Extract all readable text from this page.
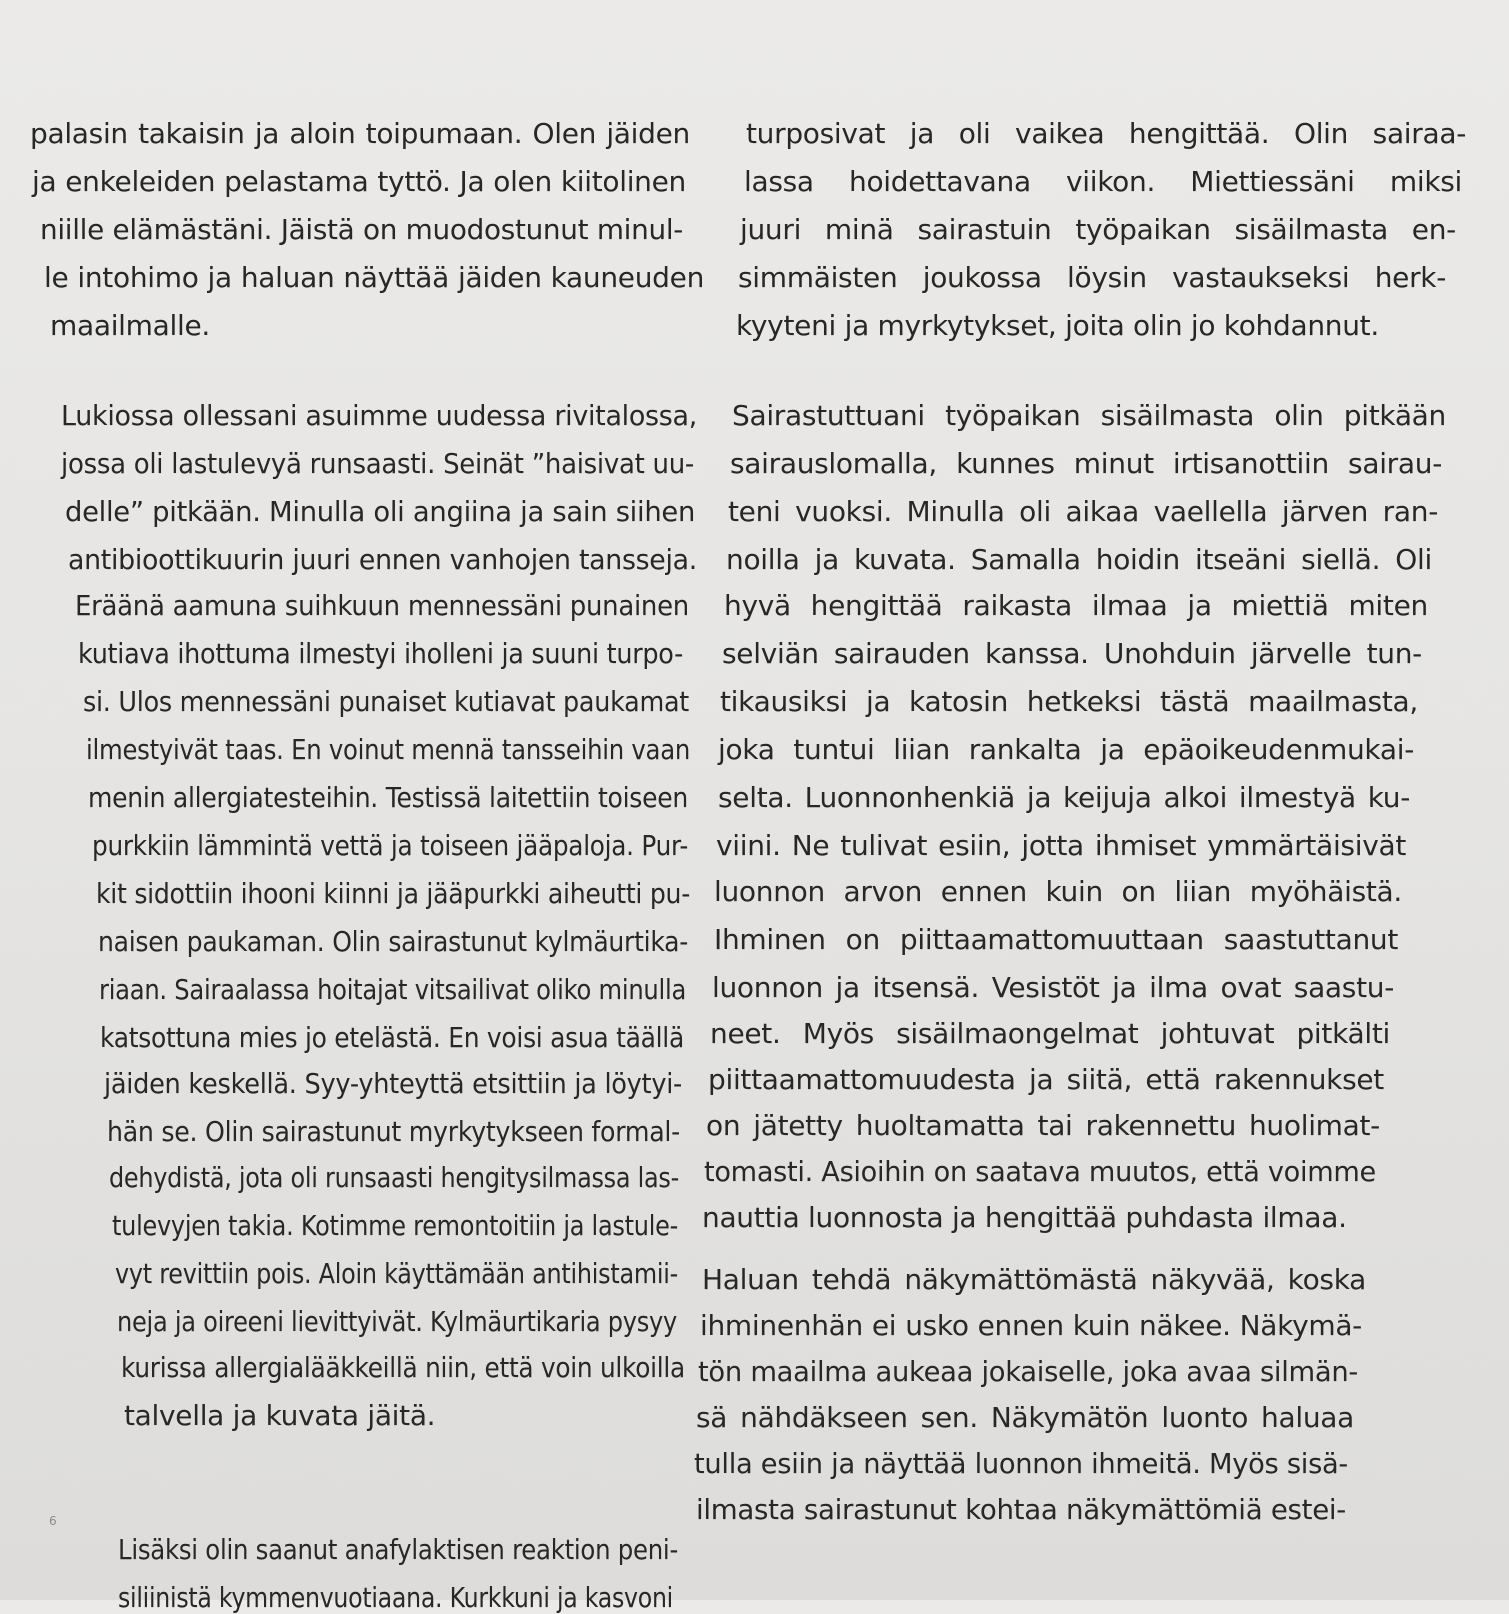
palasin takaisin ja aloin toipumaan. Olen jäiden
ja enkeleiden pelastama tyttö. Ja olen kiitolinen
niille elämästäni. Jäistä on muodostunut minul-
le intohimo ja haluan näyttää jäiden kauneuden
maailmalle.
Lukiossa ollessani asuimme uudessa rivitalossa,
jossa oli lastulevyä runsaasti. Seinät ”haisivat uu-
delle” pitkään. Minulla oli angiina ja sain siihen
antibioottikuurin juuri ennen vanhojen tansseja.
Eräänä aamuna suihkuun mennessäni punainen
kutiava ihottuma ilmestyi iholleni ja suuni turpo-
si. Ulos mennessäni punaiset kutiavat paukamat
ilmestyivät taas. En voinut mennä tansseihin vaan
menin allergiatesteihin. Testissä laitettiin toiseen
purkkiin lämmintä vettä ja toiseen jääpaloja. Pur-
kit sidottiin ihooni kiinni ja jääpurkki aiheutti pu-
naisen paukaman. Olin sairastunut kylmäurtika-
riaan. Sairaalassa hoitajat vitsailivat oliko minulla
katsottuna mies jo etelästä. En voisi asua täällä
jäiden keskellä. Syy-yhteyttä etsittiin ja löytyi-
hän se. Olin sairastunut myrkytykseen formal-
dehydistä, jota oli runsaasti hengitysilmassa las-
tulevyjen takia. Kotimme remontoitiin ja lastule-
vyt revittiin pois. Aloin käyttämään antihistamii-
neja ja oireeni lievittyivät. Kylmäurtikaria pysyy
kurissa allergialääkkeillä niin, että voin ulkoilla
talvella ja kuvata jäitä.
Lisäksi olin saanut anafylaktisen reaktion peni-
siliinistä kymmenvuotiaana. Kurkkuni ja kasvoni
turposivat ja oli vaikea hengittää. Olin sairaa-
lassa hoidettavana viikon. Miettiessäni miksi
juuri minä sairastuin työpaikan sisäilmasta en-
simmäisten joukossa löysin vastaukseksi herk-
kyyteni ja myrkytykset, joita olin jo kohdannut.
Sairastuttuani työpaikan sisäilmasta olin pitkään
sairauslomalla, kunnes minut irtisanottiin sairau-
teni vuoksi. Minulla oli aikaa vaellella järven ran-
noilla ja kuvata. Samalla hoidin itseäni siellä. Oli
hyvä hengittää raikasta ilmaa ja miettiä miten
selviän sairauden kanssa. Unohduin järvelle tun-
tikausiksi ja katosin hetkeksi tästä maailmasta,
joka tuntui liian rankalta ja epäoikeudenmukai-
selta. Luonnonhenkiä ja keijuja alkoi ilmestyä ku-
viini. Ne tulivat esiin, jotta ihmiset ymmärtäisivät
luonnon arvon ennen kuin on liian myöhäistä.
Ihminen on piittaamattomuuttaan saastuttanut
luonnon ja itsensä. Vesistöt ja ilma ovat saastu-
neet. Myös sisäilmaongelmat johtuvat pitkälti
piittaamattomuudesta ja siitä, että rakennukset
on jätetty huoltamatta tai rakennettu huolimat-
tomasti. Asioihin on saatava muutos, että voimme
nauttia luonnosta ja hengittää puhdasta ilmaa.
Haluan tehdä näkymättömästä näkyvää, koska
ihminenhän ei usko ennen kuin näkee. Näkymä-
tön maailma aukeaa jokaiselle, joka avaa silmän-
sä nähdäkseen sen. Näkymätön luonto haluaa
tulla esiin ja näyttää luonnon ihmeitä. Myös sisä-
ilmasta sairastunut kohtaa näkymättömiä estei-
6
